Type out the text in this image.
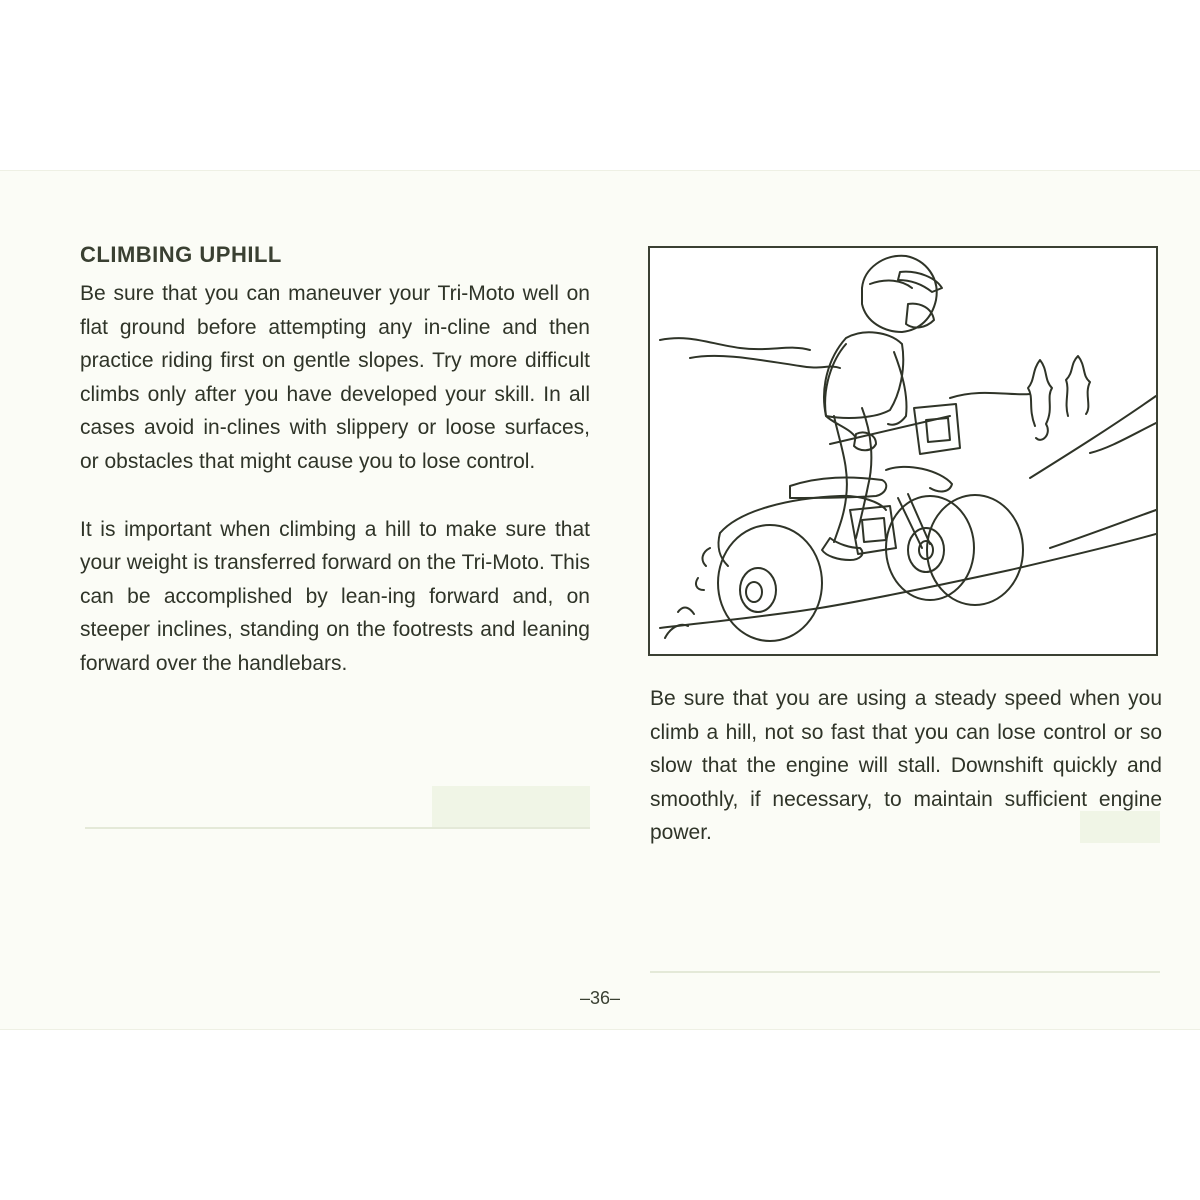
CLIMBING UPHILL

Be sure that you can maneuver your Tri-Moto well on flat ground before attempting any in-cline and then practice riding first on gentle slopes. Try more difficult climbs only after you have developed your skill. In all cases avoid in-clines with slippery or loose surfaces, or obstacles that might cause you to lose control.

It is important when climbing a hill to make sure that your weight is transferred forward on the Tri-Moto. This can be accomplished by lean-ing forward and, on steeper inclines, standing on the footrests and leaning forward over the handlebars.

Be sure that you are using a steady speed when you climb a hill, not so fast that you can lose control or so slow that the engine will stall. Downshift quickly and smoothly, if necessary, to maintain sufficient engine power.

–36–
